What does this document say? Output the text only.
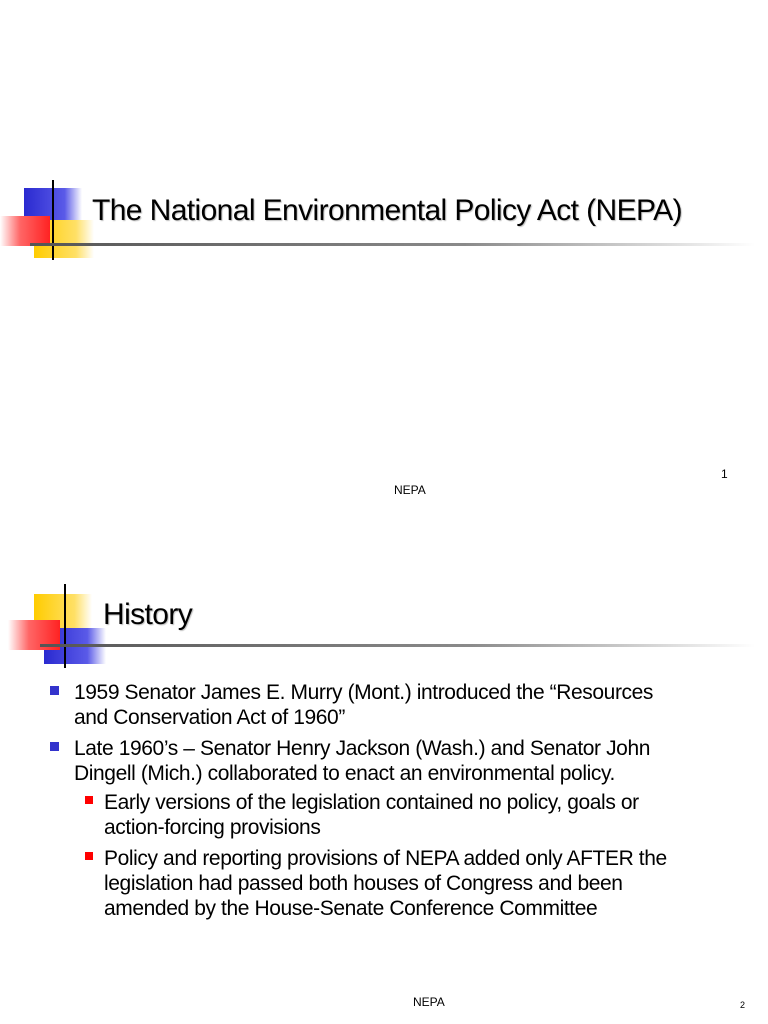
The National Environmental Policy Act (NEPA)
1
NEPA
History
1959 Senator James E. Murry (Mont.) introduced the “Resources and Conservation Act of 1960”
Late 1960’s – Senator Henry Jackson (Wash.) and Senator John Dingell (Mich.) collaborated to enact an environmental policy.
Early versions of the legislation contained no policy, goals or action-forcing provisions
Policy and reporting provisions of NEPA added only AFTER the legislation had passed both houses of Congress and been amended by the House-Senate Conference Committee
NEPA	2
